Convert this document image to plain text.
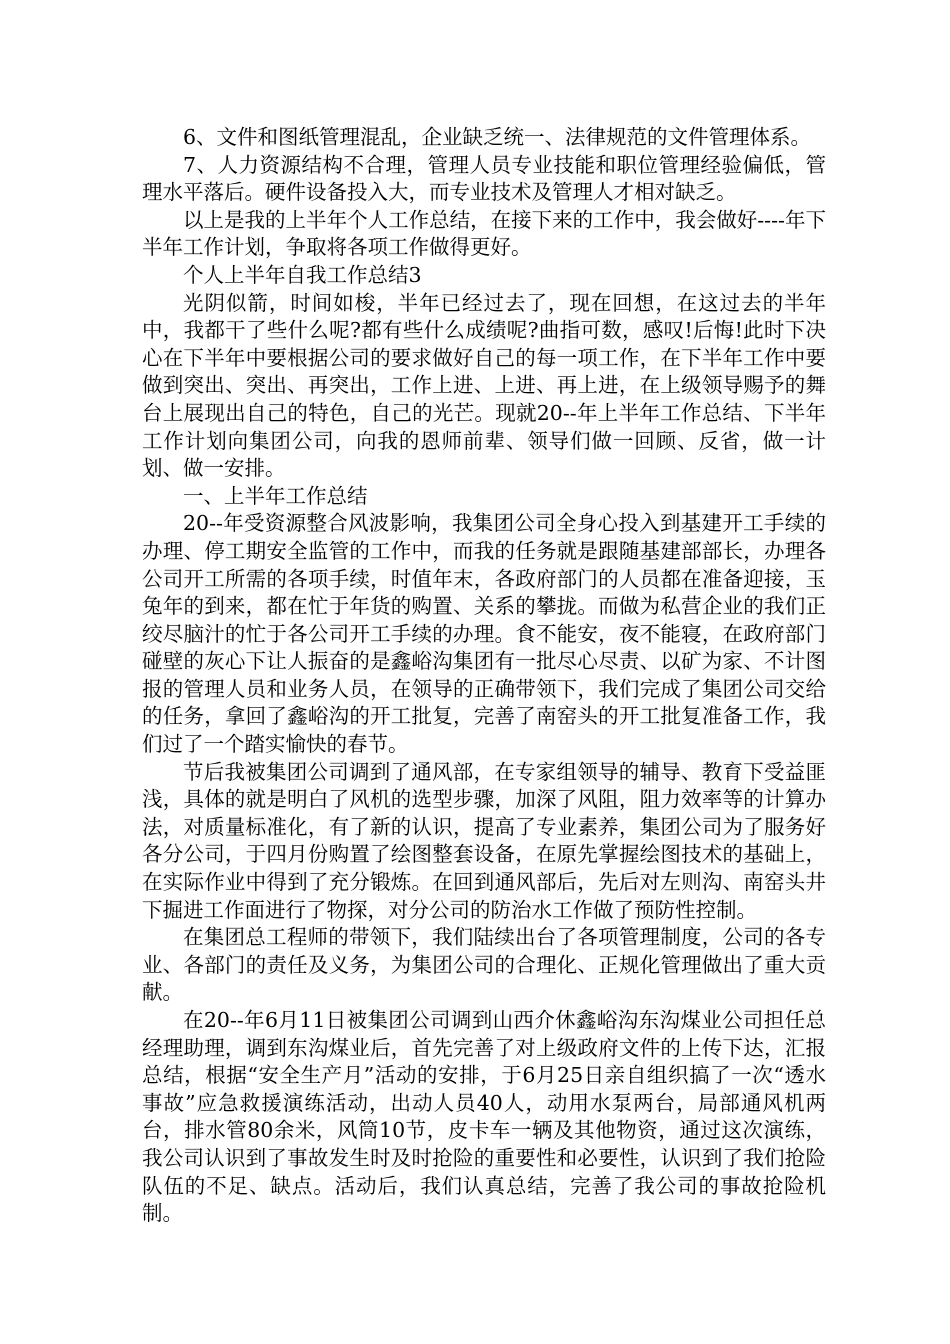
6、文件和图纸管理混乱，企业缺乏统一、法律规范的文件管理体系。

7、人力资源结构不合理，管理人员专业技能和职位管理经验偏低，管理水平落后。硬件设备投入大，而专业技术及管理人才相对缺乏。

以上是我的上半年个人工作总结，在接下来的工作中，我会做好----年下半年工作计划，争取将各项工作做得更好。

个人上半年自我工作总结3

光阴似箭，时间如梭，半年已经过去了，现在回想，在这过去的半年中，我都干了些什么呢?都有些什么成绩呢?曲指可数，感叹!后悔!此时下决心在下半年中要根据公司的要求做好自己的每一项工作，在下半年工作中要做到突出、突出、再突出，工作上进、上进、再上进，在上级领导赐予的舞台上展现出自己的特色，自己的光芒。现就20--年上半年工作总结、下半年工作计划向集团公司，向我的恩师前辈、领导们做一回顾、反省，做一计划、做一安排。

一、上半年工作总结

20--年受资源整合风波影响，我集团公司全身心投入到基建开工手续的办理、停工期安全监管的工作中，而我的任务就是跟随基建部部长，办理各公司开工所需的各项手续，时值年末，各政府部门的人员都在准备迎接，玉兔年的到来，都在忙于年货的购置、关系的攀拢。而做为私营企业的我们正绞尽脑汁的忙于各公司开工手续的办理。食不能安，夜不能寝，在政府部门碰壁的灰心下让人振奋的是鑫峪沟集团有一批尽心尽责、以矿为家、不计图报的管理人员和业务人员，在领导的正确带领下，我们完成了集团公司交给的任务，拿回了鑫峪沟的开工批复，完善了南窑头的开工批复准备工作，我们过了一个踏实愉快的春节。

节后我被集团公司调到了通风部，在专家组领导的辅导、教育下受益匪浅，具体的就是明白了风机的选型步骤，加深了风阻，阻力效率等的计算办法，对质量标准化，有了新的认识，提高了专业素养，集团公司为了服务好各分公司，于四月份购置了绘图整套设备，在原先掌握绘图技术的基础上，在实际作业中得到了充分锻炼。在回到通风部后，先后对左则沟、南窑头井下掘进工作面进行了物探，对分公司的防治水工作做了预防性控制。

在集团总工程师的带领下，我们陆续出台了各项管理制度，公司的各专业、各部门的责任及义务，为集团公司的合理化、正规化管理做出了重大贡献。

在20--年6月11日被集团公司调到山西介休鑫峪沟东沟煤业公司担任总经理助理，调到东沟煤业后，首先完善了对上级政府文件的上传下达，汇报总结，根据“安全生产月”活动的安排，于6月25日亲自组织搞了一次“透水事故”应急救援演练活动，出动人员40人，动用水泵两台，局部通风机两台，排水管80余米，风筒10节，皮卡车一辆及其他物资，通过这次演练，我公司认识到了事故发生时及时抢险的重要性和必要性，认识到了我们抢险队伍的不足、缺点。活动后，我们认真总结，完善了我公司的事故抢险机制。
